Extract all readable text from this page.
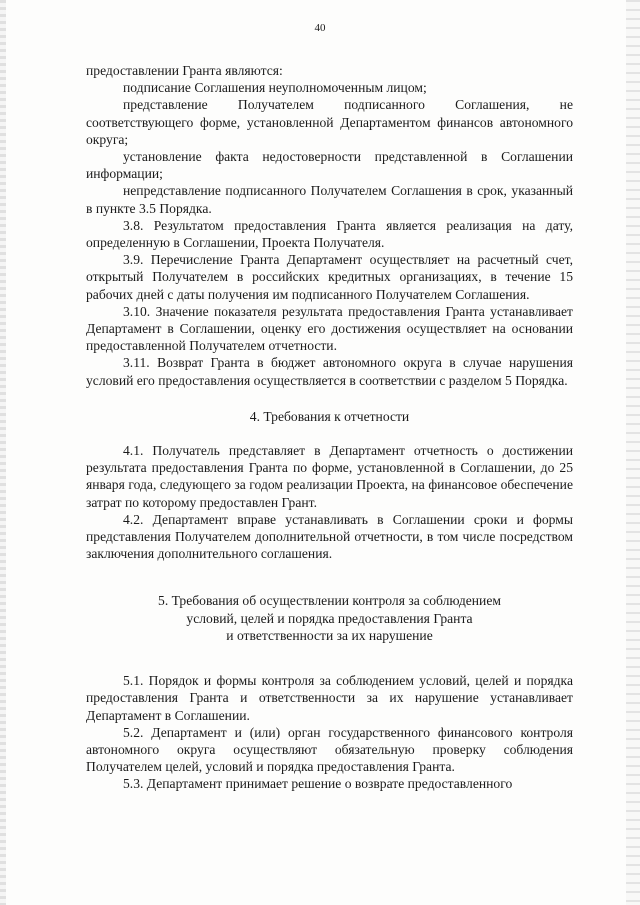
40

предоставлении Гранта являются:

подписание Соглашения неуполномоченным лицом;

представление Получателем подписанного Соглашения, не соответствующего форме, установленной Департаментом финансов автономного округа;

установление факта недостоверности представленной в Соглашении информации;

непредставление подписанного Получателем Соглашения в срок, указанный в пункте 3.5 Порядка.

3.8. Результатом предоставления Гранта является реализация на дату, определенную в Соглашении, Проекта Получателя.

3.9. Перечисление Гранта Департамент осуществляет на расчетный счет, открытый Получателем в российских кредитных организациях, в течение 15 рабочих дней с даты получения им подписанного Получателем Соглашения.

3.10. Значение показателя результата предоставления Гранта устанавливает Департамент в Соглашении, оценку его достижения осуществляет на основании предоставленной Получателем отчетности.

3.11. Возврат Гранта в бюджет автономного округа в случае нарушения условий его предоставления осуществляется в соответствии с разделом 5 Порядка.

4. Требования к отчетности

4.1. Получатель представляет в Департамент отчетность о достижении результата предоставления Гранта по форме, установленной в Соглашении, до 25 января года, следующего за годом реализации Проекта, на финансовое обеспечение затрат по которому предоставлен Грант.

4.2. Департамент вправе устанавливать в Соглашении сроки и формы представления Получателем дополнительной отчетности, в том числе посредством заключения дополнительного соглашения.

5. Требования об осуществлении контроля за соблюдением

условий, целей и порядка предоставления Гранта

и ответственности за их нарушение

5.1. Порядок и формы контроля за соблюдением условий, целей и порядка предоставления Гранта и ответственности за их нарушение устанавливает Департамент в Соглашении.

5.2. Департамент и (или) орган государственного финансового контроля автономного округа осуществляют обязательную проверку соблюдения Получателем целей, условий и порядка предоставления Гранта.

5.3. Департамент принимает решение о возврате предоставленного
